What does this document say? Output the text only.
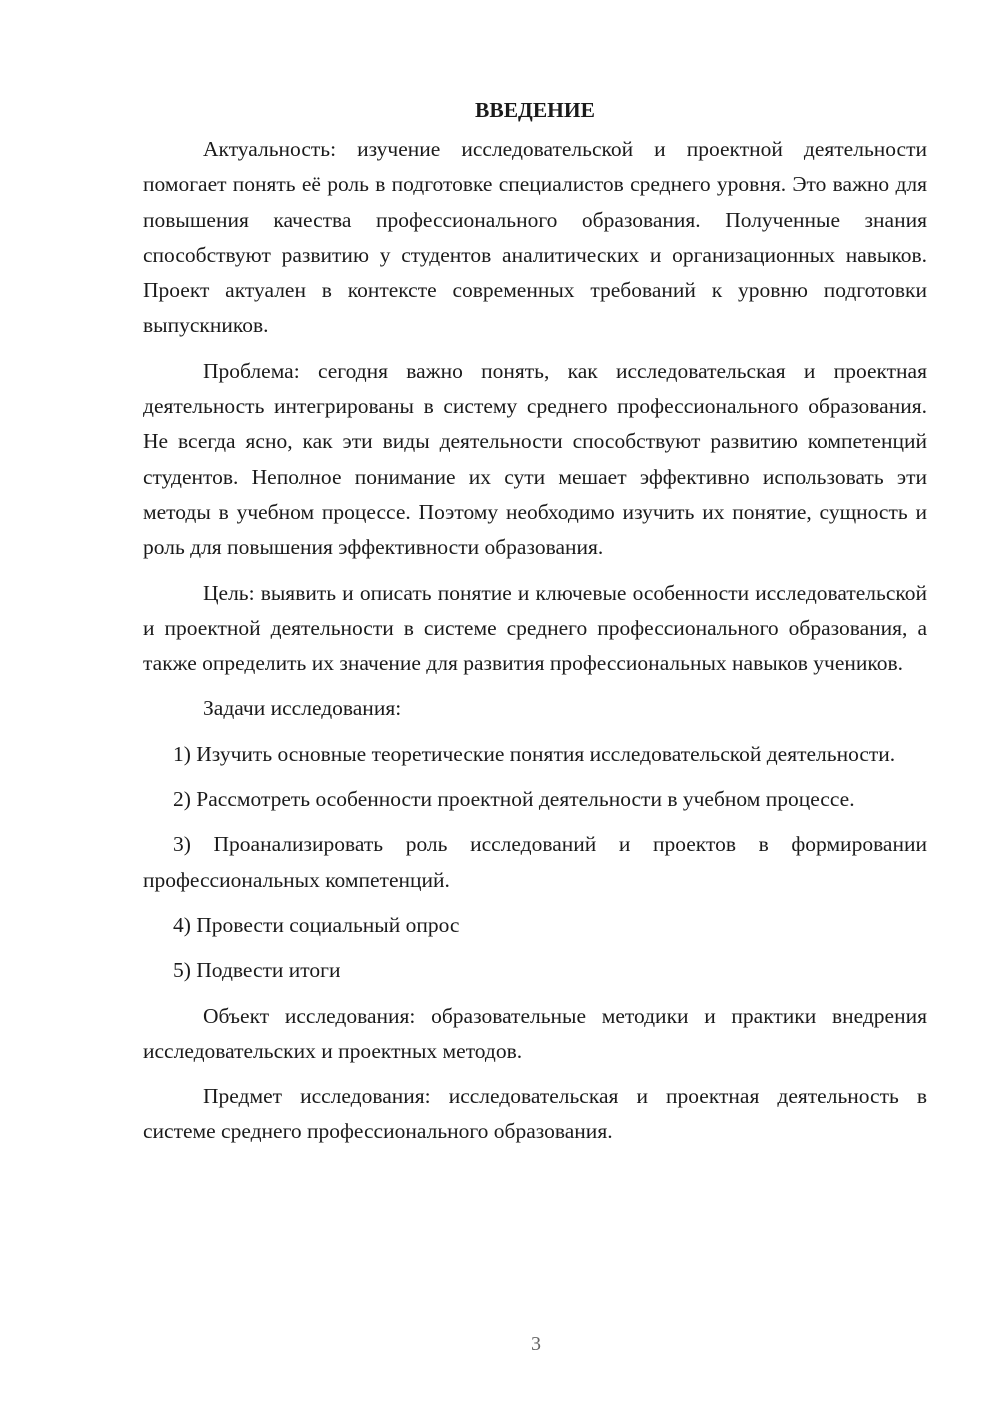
ВВЕДЕНИЕ

Актуальность: изучение исследовательской и проектной деятельности помогает понять её роль в подготовке специалистов среднего уровня. Это важно для повышения качества профессионального образования. Полученные знания способствуют развитию у студентов аналитических и организационных навыков. Проект актуален в контексте современных требований к уровню подготовки выпускников.

Проблема: сегодня важно понять, как исследовательская и проектная деятельность интегрированы в систему среднего профессионального образования. Не всегда ясно, как эти виды деятельности способствуют развитию компетенций студентов. Неполное понимание их сути мешает эффективно использовать эти методы в учебном процессе. Поэтому необходимо изучить их понятие, сущность и роль для повышения эффективности образования.

Цель: выявить и описать понятие и ключевые особенности исследовательской и проектной деятельности в системе среднего профессионального образования, а также определить их значение для развития профессиональных навыков учеников.

Задачи исследования:

1) Изучить основные теоретические понятия исследовательской деятельности.

2) Рассмотреть особенности проектной деятельности в учебном процессе.

3) Проанализировать роль исследований и проектов в формировании профессиональных компетенций.

4) Провести социальный опрос

5) Подвести итоги

Объект исследования: образовательные методики и практики внедрения исследовательских и проектных методов.

Предмет исследования: исследовательская и проектная деятельность в системе среднего профессионального образования.

3
